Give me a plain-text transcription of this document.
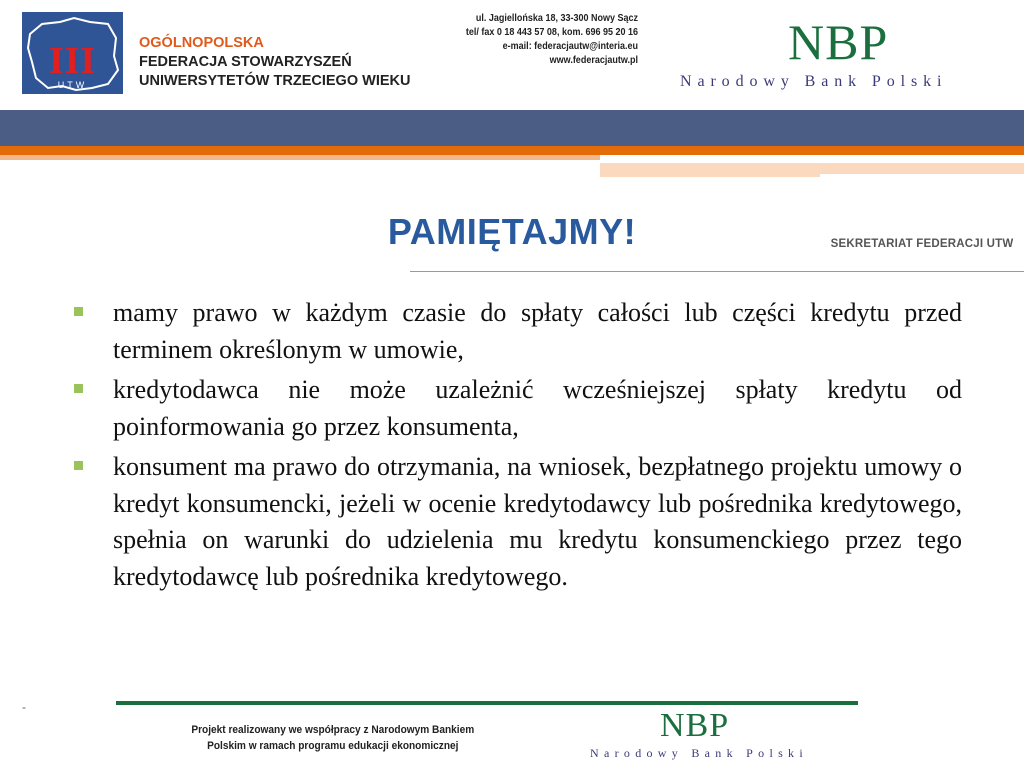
III
UTW
OGÓLNOPOLSKA
FEDERACJA STOWARZYSZEŃ
UNIWERSYTETÓW TRZECIEGO WIEKU
SEKRETARIAT FEDERACJI UTW
ul. Jagiellońska 18, 33-300 Nowy Sącz
tel/ fax 0 18 443 57 08, kom. 696 95 20 16
e-mail: federacjautw@interia.eu
www.federacjautw.pl	NBP
Narodowy Bank Polski
PAMIĘTAJMY!
mamy prawo w każdym czasie do spłaty całości lub części kredytu przed terminem określonym w umowie,
kredytodawca nie może uzależnić wcześniejszej spłaty kredytu od poinformowania go przez konsumenta,
konsument ma prawo do otrzymania, na wniosek, bezpłatnego projektu umowy o kredyt konsumencki, jeżeli w ocenie kredytodawcy lub pośrednika kredytowego, spełnia on warunki do udzielenia mu kredytu konsumenckiego przez tego kredytodawcę lub pośrednika kredytowego.
-
Projekt realizowany we współpracy z Narodowym Bankiem
Polskim w ramach programu edukacji ekonomicznej
NBP
Narodowy Bank Polski
